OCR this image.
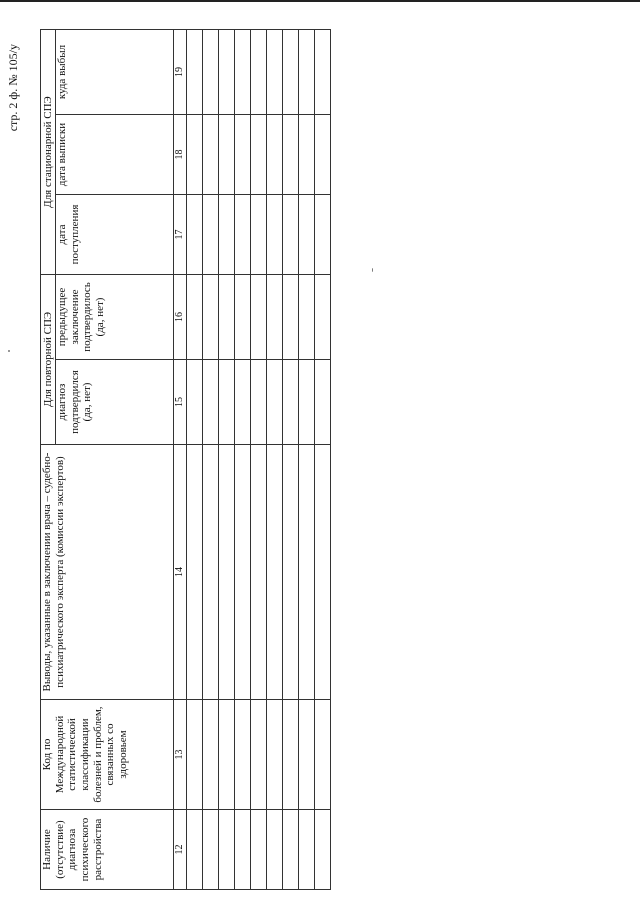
стр. 2 ф. № 105/у
Наличие (отсутствие) диагноза психического расстройства	Код по Международной статистической классификации болезней и проблем, связанных со здоровьем	Выводы, указанные в заключении врача – судебно-психиатрического эксперта (комиссии экспертов)	Для повторной СПЭ		Для стационарной СПЭ		
			диагноз подтвердился (да, нет)	предыдущее заключение подтвердилось (да, нет)	дата поступления	дата выписки	куда выбыл
12	13	14	15	16	17	18	19
